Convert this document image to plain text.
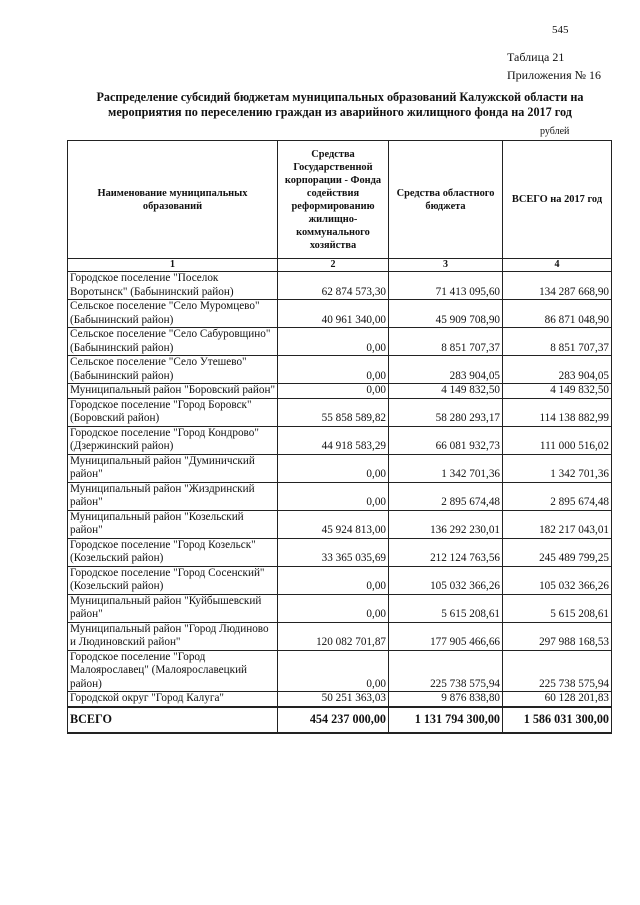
545
Таблица 21
Приложения № 16
Распределение субсидий бюджетам муниципальных образований Калужской области на
мероприятия по переселению граждан из аварийного жилищного фонда на 2017 год
рублей
Наименование муниципальных образований	Средства Государственной корпорации - Фонда содействия реформированию жилищно-коммунального хозяйства	Средства областного бюджета	ВСЕГО на 2017 год
1	2	3	4
Городское поселение "Поселок Воротынск" (Бабынинский район)	62 874 573,30	71 413 095,60	134 287 668,90
Сельское поселение "Село Муромцево" (Бабынинский район)	40 961 340,00	45 909 708,90	86 871 048,90
Сельское поселение "Село Сабуровщино" (Бабынинский район)	0,00	8 851 707,37	8 851 707,37
Сельское поселение "Село Утешево" (Бабынинский район)	0,00	283 904,05	283 904,05
Муниципальный район "Боровский район"	0,00	4 149 832,50	4 149 832,50
Городское поселение "Город Боровск" (Боровский район)	55 858 589,82	58 280 293,17	114 138 882,99
Городское поселение "Город Кондрово" (Дзержинский район)	44 918 583,29	66 081 932,73	111 000 516,02
Муниципальный район "Думиничский район"	0,00	1 342 701,36	1 342 701,36
Муниципальный район "Жиздринский район"	0,00	2 895 674,48	2 895 674,48
Муниципальный район "Козельский район"	45 924 813,00	136 292 230,01	182 217 043,01
Городское поселение "Город Козельск" (Козельский район)	33 365 035,69	212 124 763,56	245 489 799,25
Городское поселение "Город Сосенский" (Козельский район)	0,00	105 032 366,26	105 032 366,26
Муниципальный район "Куйбышевский район"	0,00	5 615 208,61	5 615 208,61
Муниципальный район "Город Людиново и Людиновский район"	120 082 701,87	177 905 466,66	297 988 168,53
Городское поселение "Город Малоярославец" (Малоярославецкий район)	0,00	225 738 575,94	225 738 575,94
Городской округ "Город Калуга"	50 251 363,03	9 876 838,80	60 128 201,83
ВСЕГО	454 237 000,00	1 131 794 300,00	1 586 031 300,00
